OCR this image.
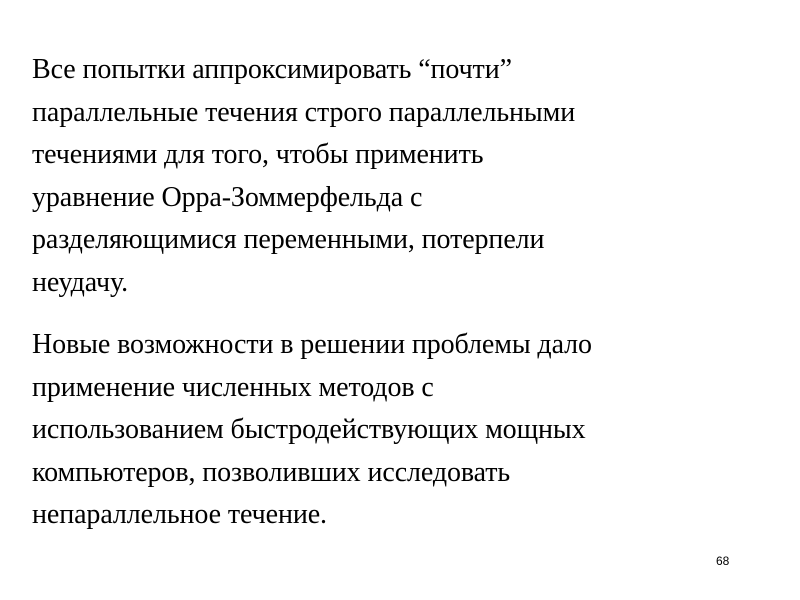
Все попытки аппроксимировать “почти”
параллельные течения строго параллельными
течениями для того, чтобы применить
уравнение Орра-Зоммерфельда с
разделяющимися переменными, потерпели
неудачу.

Новые возможности в решении проблемы дало
применение численных методов с
использованием быстродействующих мощных
компьютеров, позволивших исследовать
непараллельное течение.

68
